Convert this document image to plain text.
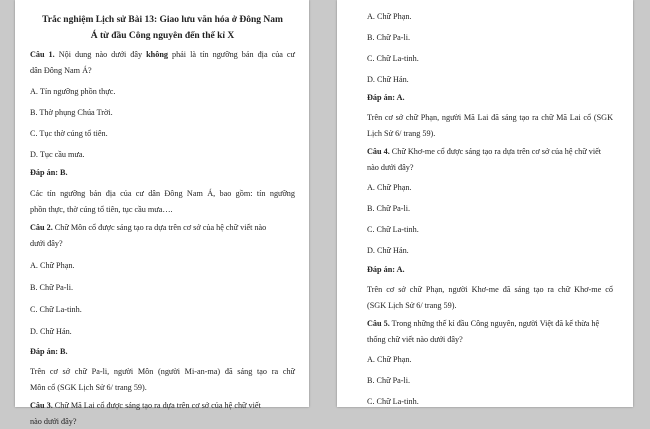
Trắc nghiệm Lịch sử Bài 13: Giao lưu văn hóa ở Đông Nam
Á từ đầu Công nguyên đến thế kỉ X
Câu 1. Nội dung nào dưới đây không phải là tín ngưỡng bản địa của cư
dân Đông Nam Á?
A. Tín ngưỡng phồn thực.
B. Thờ phụng Chúa Trời.
C. Tục thờ cúng tổ tiên.
D. Tục cầu mưa.
Đáp án: B.
Các tín ngưỡng bản địa của cư dân Đông Nam Á, bao gồm: tín ngưỡng
phồn thực, thờ cúng tổ tiên, tục cầu mưa….
Câu 2. Chữ Môn cổ được sáng tạo ra dựa trên cơ sở của hệ chữ viết nào
dưới đây?
A. Chữ Phạn.
B. Chữ Pa-li.
C. Chữ La-tinh.
D. Chữ Hán.
Đáp án: B.
Trên cơ sở chữ Pa-li, người Môn (người Mi-an-ma) đã sáng tạo ra chữ
Môn cổ (SGK Lịch Sử 6/ trang 59).
Câu 3. Chữ Mã Lai cổ được sáng tạo ra dựa trên cơ sở của hệ chữ viết
nào dưới đây?
A. Chữ Phạn.
B. Chữ Pa-li.
C. Chữ La-tinh.
D. Chữ Hán.
Đáp án: A.
Trên cơ sở chữ Phạn, người Mã Lai đã sáng tạo ra chữ Mã Lai cổ (SGK
Lịch Sử 6/ trang 59).
Câu 4. Chữ Khơ-me cổ được sáng tạo ra dựa trên cơ sở của hệ chữ viết
nào dưới đây?
A. Chữ Phạn.
B. Chữ Pa-li.
C. Chữ La-tinh.
D. Chữ Hán.
Đáp án: A.
Trên cơ sở chữ Phạn, người Khơ-me đã sáng tạo ra chữ Khơ-me cổ
(SGK Lịch Sử 6/ trang 59).
Câu 5. Trong những thế kỉ đầu Công nguyên, người Việt đã kế thừa hệ
thống chữ viết nào dưới đây?
A. Chữ Phạn.
B. Chữ Pa-li.
C. Chữ La-tinh.
